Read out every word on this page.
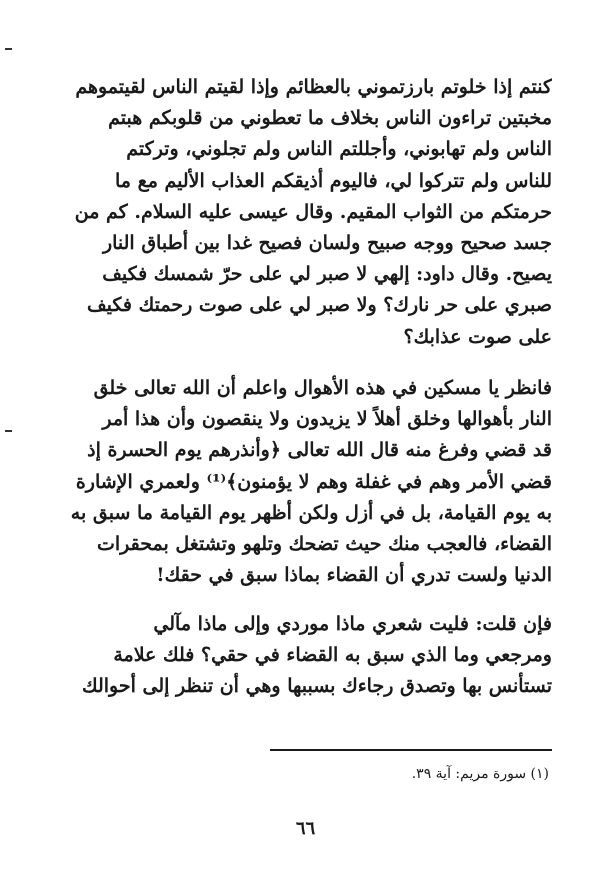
كنتم إذا خلوتم بارزتموني بالعظائم وإذا لقيتم الناس لقيتموهم
مخبتين تراءون الناس بخلاف ما تعطوني من قلوبكم هبتم
الناس ولم تهابوني، وأجللتم الناس ولم تجلوني، وتركتم
للناس ولم تتركوا لي، فاليوم أذيقكم العذاب الأليم مع ما
حرمتكم من الثواب المقيم. وقال عيسى عليه السلام. كم من
جسد صحيح ووجه صبيح ولسان فصيح غدا بين أطباق النار
يصيح. وقال داود: إلهي لا صبر لي على حرّ شمسك فكيف
صبري على حر نارك؟ ولا صبر لي على صوت رحمتك فكيف
على صوت عذابك؟
فانظر يا مسكين في هذه الأهوال واعلم أن الله تعالى خلق
النار بأهوالها وخلق أهلاً لا يزيدون ولا ينقصون وأن هذا أمر
قد قضي وفرغ منه قال الله تعالى ﴿وأنذرهم يوم الحسرة إذ
قضي الأمر وهم في غفلة وهم لا يؤمنون﴾⁽¹⁾ ولعمري الإشارة
به يوم القيامة، بل في أزل ولكن أظهر يوم القيامة ما سبق به
القضاء، فالعجب منك حيث تضحك وتلهو وتشتغل بمحقرات
الدنيا ولست تدري أن القضاء بماذا سبق في حقك!
فإن قلت: فليت شعري ماذا موردي وإلى ماذا مآلي
ومرجعي وما الذي سبق به القضاء في حقي؟ فلك علامة
تستأنس بها وتصدق رجاءك بسببها وهي أن تنظر إلى أحوالك
(١) سورة مريم: آية ٣٩.
٦٦
